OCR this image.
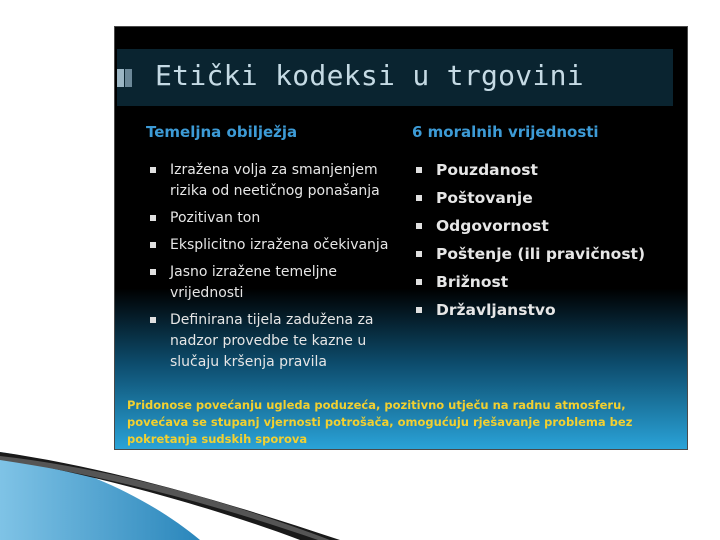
Etički kodeksi u trgovini
Temeljna obilježja	6 moralnih vrijednosti
Izražena volja za smanjenjem rizika od neetičnog ponašanja
Pozitivan ton
Eksplicitno izražena očekivanja
Jasno izražene temeljne vrijednosti
Definirana tijela zadužena za nadzor provedbe te kazne u slučaju kršenja pravila
Pouzdanost
Poštovanje
Odgovornost
Poštenje (ili pravičnost)
Brižnost
Državljanstvo
Pridonose povećanju ugleda poduzeća, pozitivno utječu na radnu atmosferu, povećava se stupanj vjernosti potrošača, omogućuju rješavanje problema bez pokretanja sudskih sporova
